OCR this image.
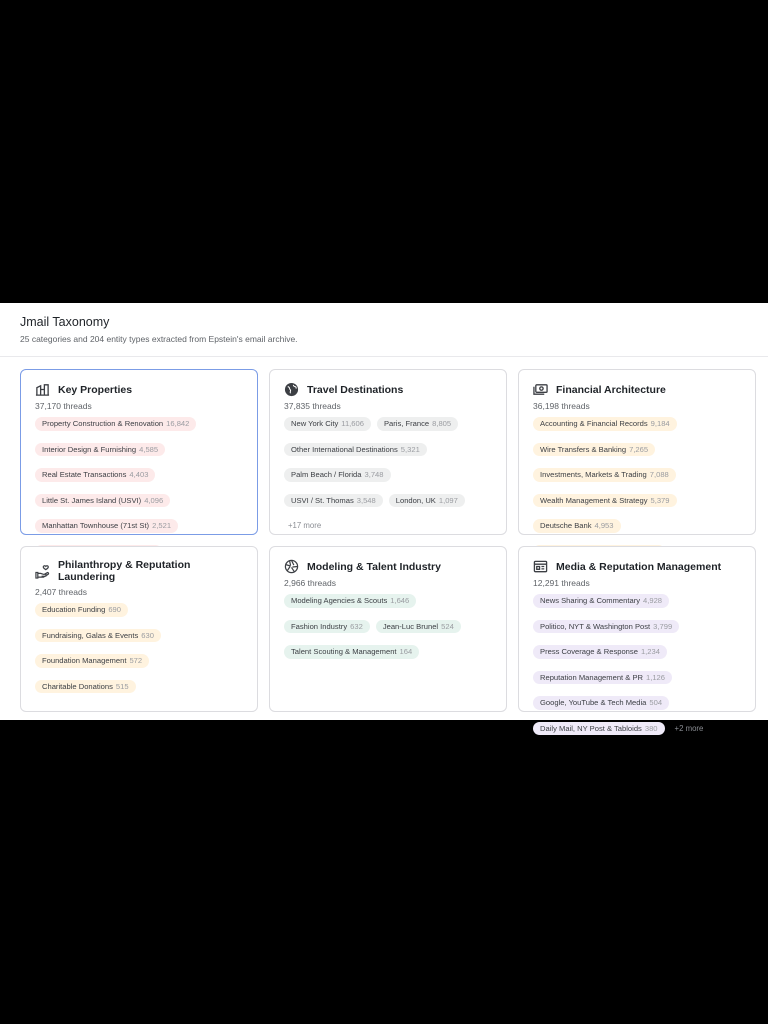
Jmail Taxonomy
25 categories and 204 entity types extracted from Epstein's email archive.
Key Properties
37,170 threads
Property Construction & Renovation 16,842
Interior Design & Furnishing 4,585
Real Estate Transactions 4,403
Little St. James Island (USVI) 4,096
Manhattan Townhouse (71st St) 2,521
Travel Destinations
37,835 threads
New York City 11,606	Paris, France 8,805
Other International Destinations 5,321
Palm Beach / Florida 3,748
USVI / St. Thomas 3,548	London, UK 1,097
+17 more
Financial Architecture
36,198 threads
Accounting & Financial Records 9,184
Wire Transfers & Banking 7,265
Investments, Markets & Trading 7,088
Wealth Management & Strategy 5,379
Deutsche Bank 4,953
Philanthropy & Reputation Laundering
2,407 threads
Education Funding 690
Fundraising, Galas & Events 630
Foundation Management 572
Charitable Donations 515
Modeling & Talent Industry
2,966 threads
Modeling Agencies & Scouts 1,646
Fashion Industry 632	Jean-Luc Brunel 524
Talent Scouting & Management 164
Media & Reputation Management
12,291 threads
News Sharing & Commentary 4,928
Politico, NYT & Washington Post 3,799
Press Coverage & Response 1,234
Reputation Management & PR 1,126
Google, YouTube & Tech Media 504
Daily Mail, NY Post & Tabloids 380	+2 more
